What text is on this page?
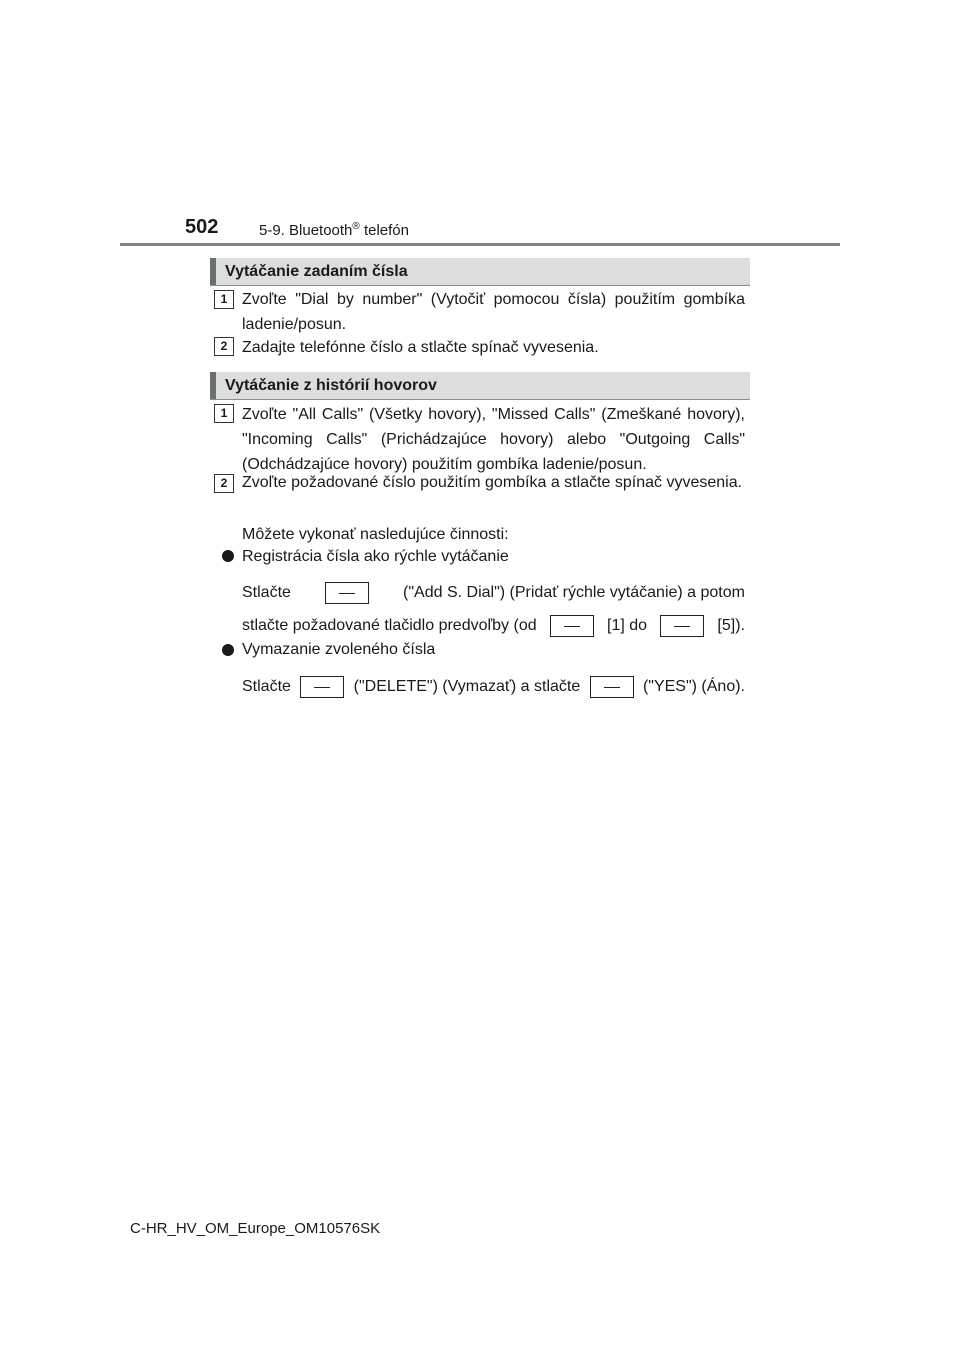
502	5-9. Bluetooth® telefón
Vytáčanie zadaním čísla
1 Zvoľte "Dial by number" (Vytočiť pomocou čísla) použitím gombíka ladenie/posun.
2 Zadajte telefónne číslo a stlačte spínač vyvesenia.
Vytáčanie z histórií hovorov
1 Zvoľte "All Calls" (Všetky hovory), "Missed Calls" (Zmeškané hovory), "Incoming Calls" (Prichádzajúce hovory) alebo "Outgoing Calls" (Odchádzajúce hovory) použitím gombíka ladenie/posun.
2 Zvoľte požadované číslo použitím gombíka a stlačte spínač vyvesenia.
Môžete vykonať nasledujúce činnosti:
Registrácia čísla ako rýchle vytáčanie
Stlačte	("Add S. Dial") (Pridať rýchle vytáčanie) a potom
stlačte požadované tlačidlo predvoľby (od	[1] do	[5]).
Vymazanie zvoleného čísla
Stlačte	("DELETE") (Vymazať) a stlačte	("YES") (Áno).
C-HR_HV_OM_Europe_OM10576SK
